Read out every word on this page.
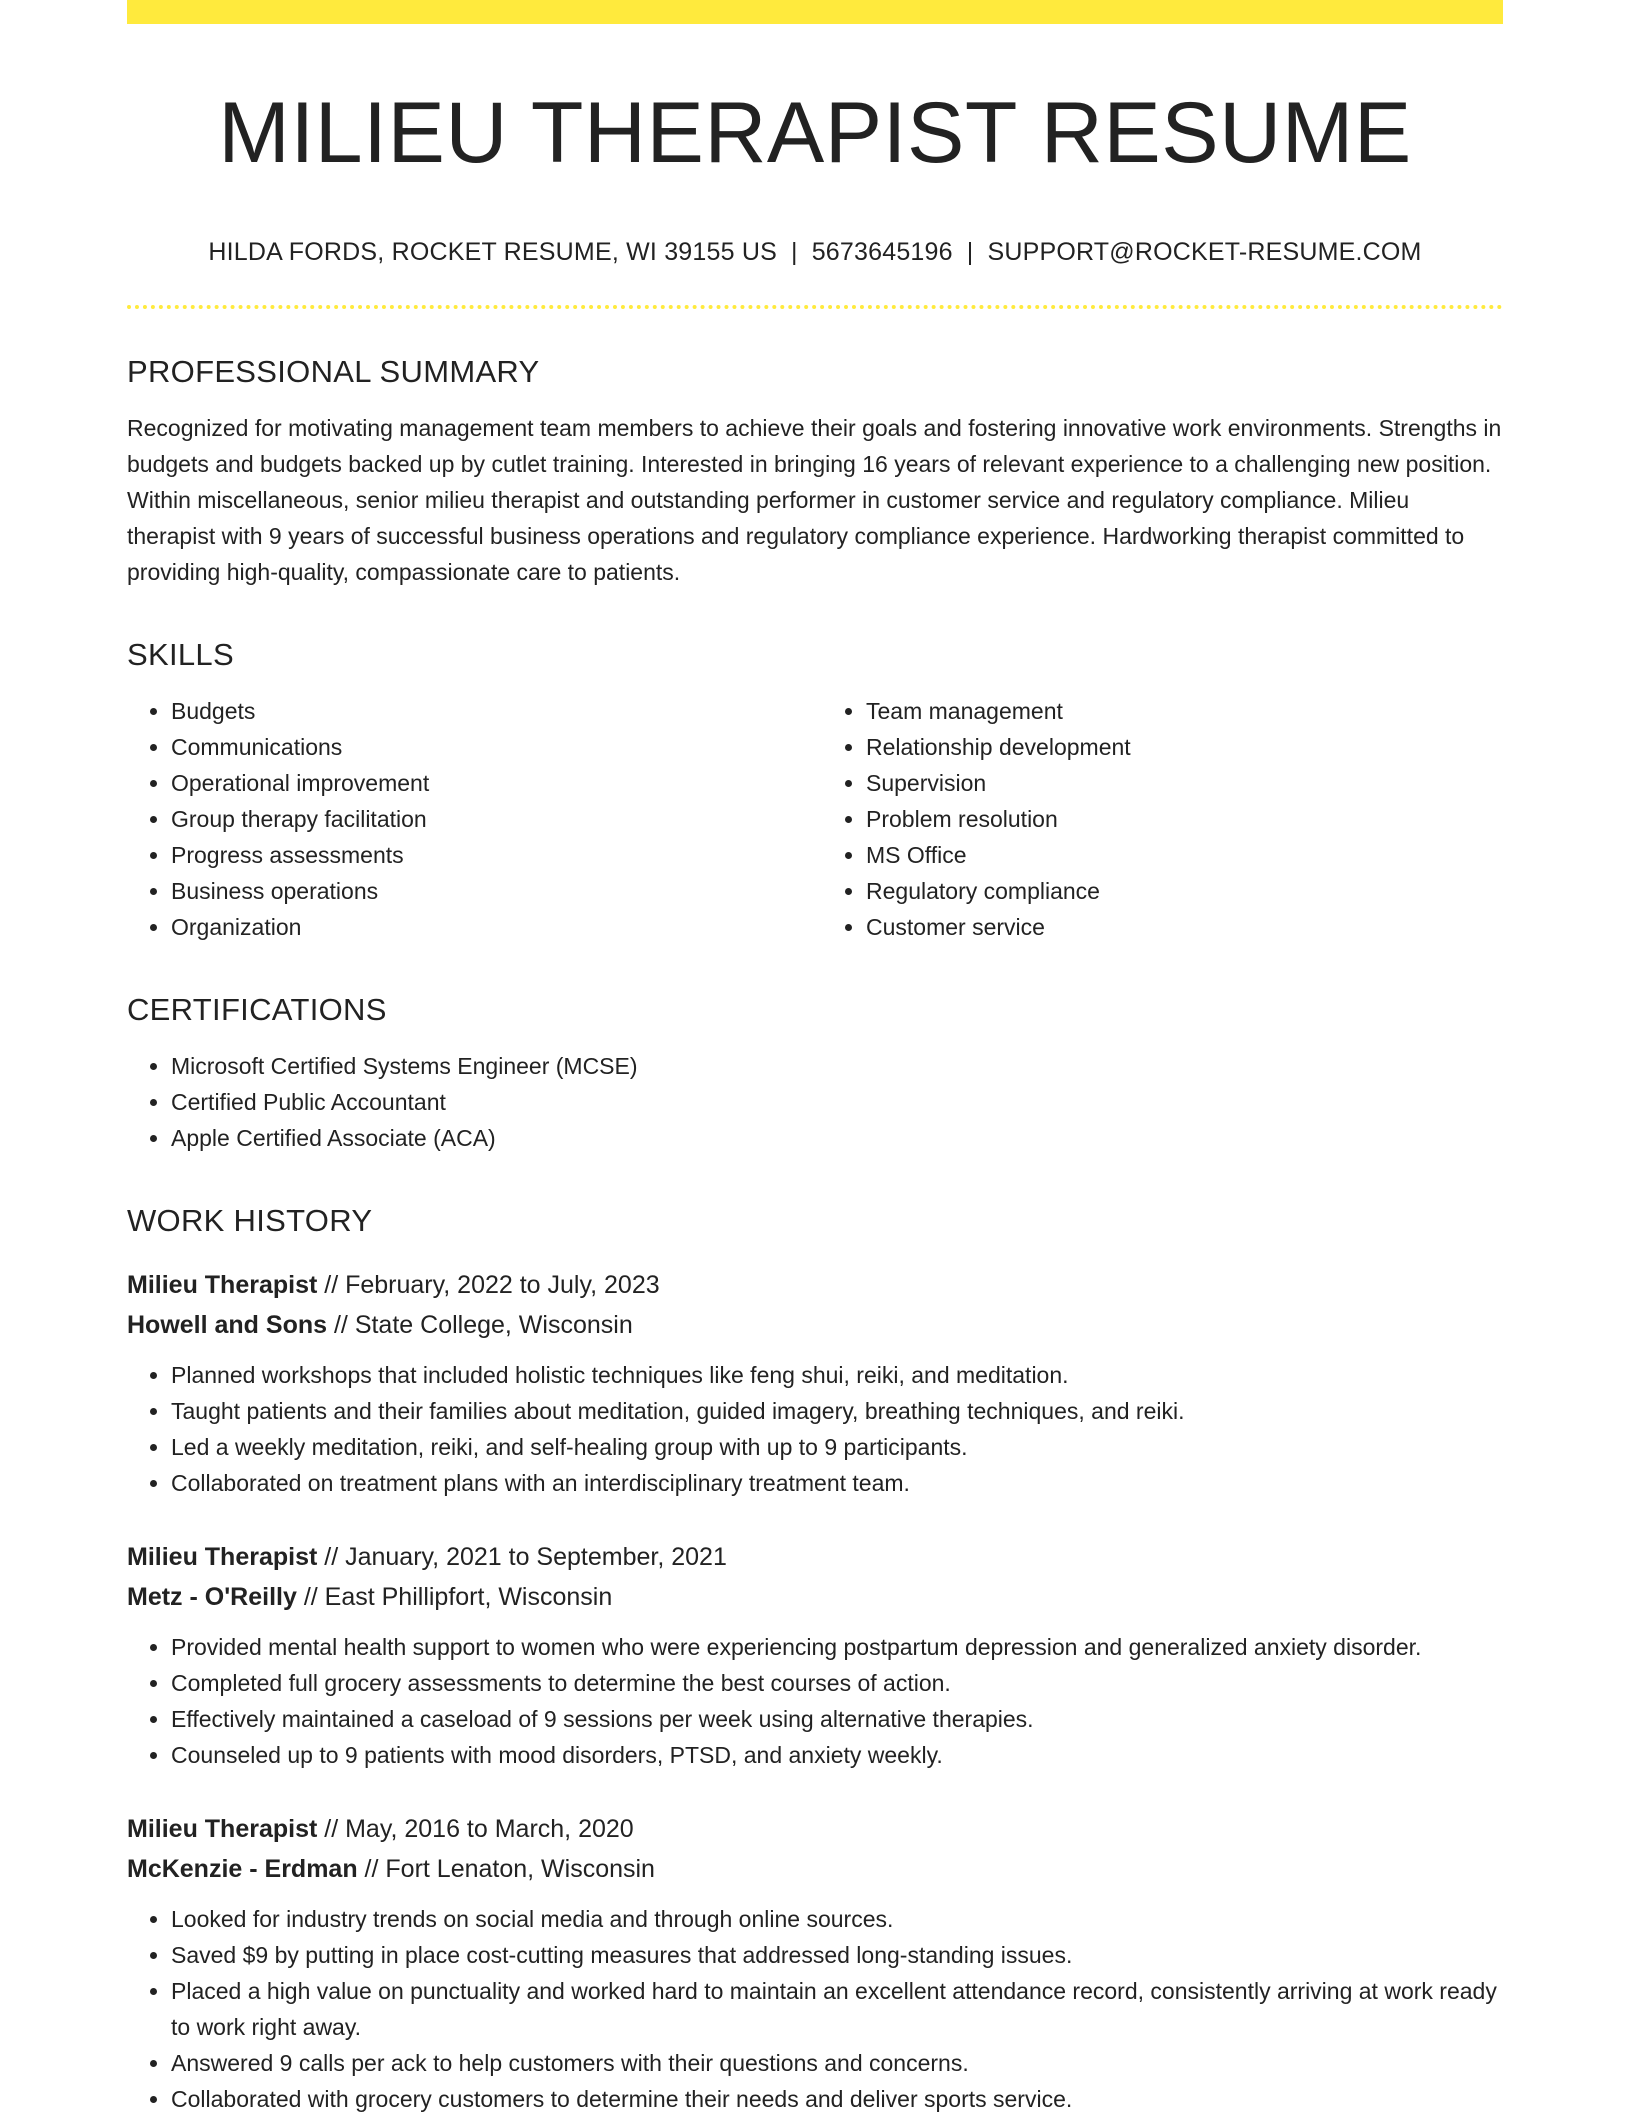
MILIEU THERAPIST RESUME
HILDA FORDS, ROCKET RESUME, WI 39155 US | 5673645196 | SUPPORT@ROCKET-RESUME.COM
PROFESSIONAL SUMMARY

Recognized for motivating management team members to achieve their goals and fostering innovative work environments. Strengths in budgets and budgets backed up by cutlet training. Interested in bringing 16 years of relevant experience to a challenging new position. Within miscellaneous, senior milieu therapist and outstanding performer in customer service and regulatory compliance. Milieu therapist with 9 years of successful business operations and regulatory compliance experience. Hardworking therapist committed to providing high-quality, compassionate care to patients.

SKILLS
• Budgets
• Communications
• Operational improvement
• Group therapy facilitation
• Progress assessments
• Business operations
• Organization
• Team management
• Relationship development
• Supervision
• Problem resolution
• MS Office
• Regulatory compliance
• Customer service
CERTIFICATIONS
• Microsoft Certified Systems Engineer (MCSE)
• Certified Public Accountant
• Apple Certified Associate (ACA)
WORK HISTORY
Milieu Therapist // February, 2022 to July, 2023
Howell and Sons // State College, Wisconsin
• Planned workshops that included holistic techniques like feng shui, reiki, and meditation.
• Taught patients and their families about meditation, guided imagery, breathing techniques, and reiki.
• Led a weekly meditation, reiki, and self-healing group with up to 9 participants.
• Collaborated on treatment plans with an interdisciplinary treatment team.
Milieu Therapist // January, 2021 to September, 2021
Metz - O'Reilly // East Phillipfort, Wisconsin
• Provided mental health support to women who were experiencing postpartum depression and generalized anxiety disorder.
• Completed full grocery assessments to determine the best courses of action.
• Effectively maintained a caseload of 9 sessions per week using alternative therapies.
• Counseled up to 9 patients with mood disorders, PTSD, and anxiety weekly.
Milieu Therapist // May, 2016 to March, 2020
McKenzie - Erdman // Fort Lenaton, Wisconsin
• Looked for industry trends on social media and through online sources.
• Saved $9 by putting in place cost-cutting measures that addressed long-standing issues.
• Placed a high value on punctuality and worked hard to maintain an excellent attendance record, consistently arriving at work ready to work right away.
• Answered 9 calls per ack to help customers with their questions and concerns.
• Collaborated with grocery customers to determine their needs and deliver sports service.
